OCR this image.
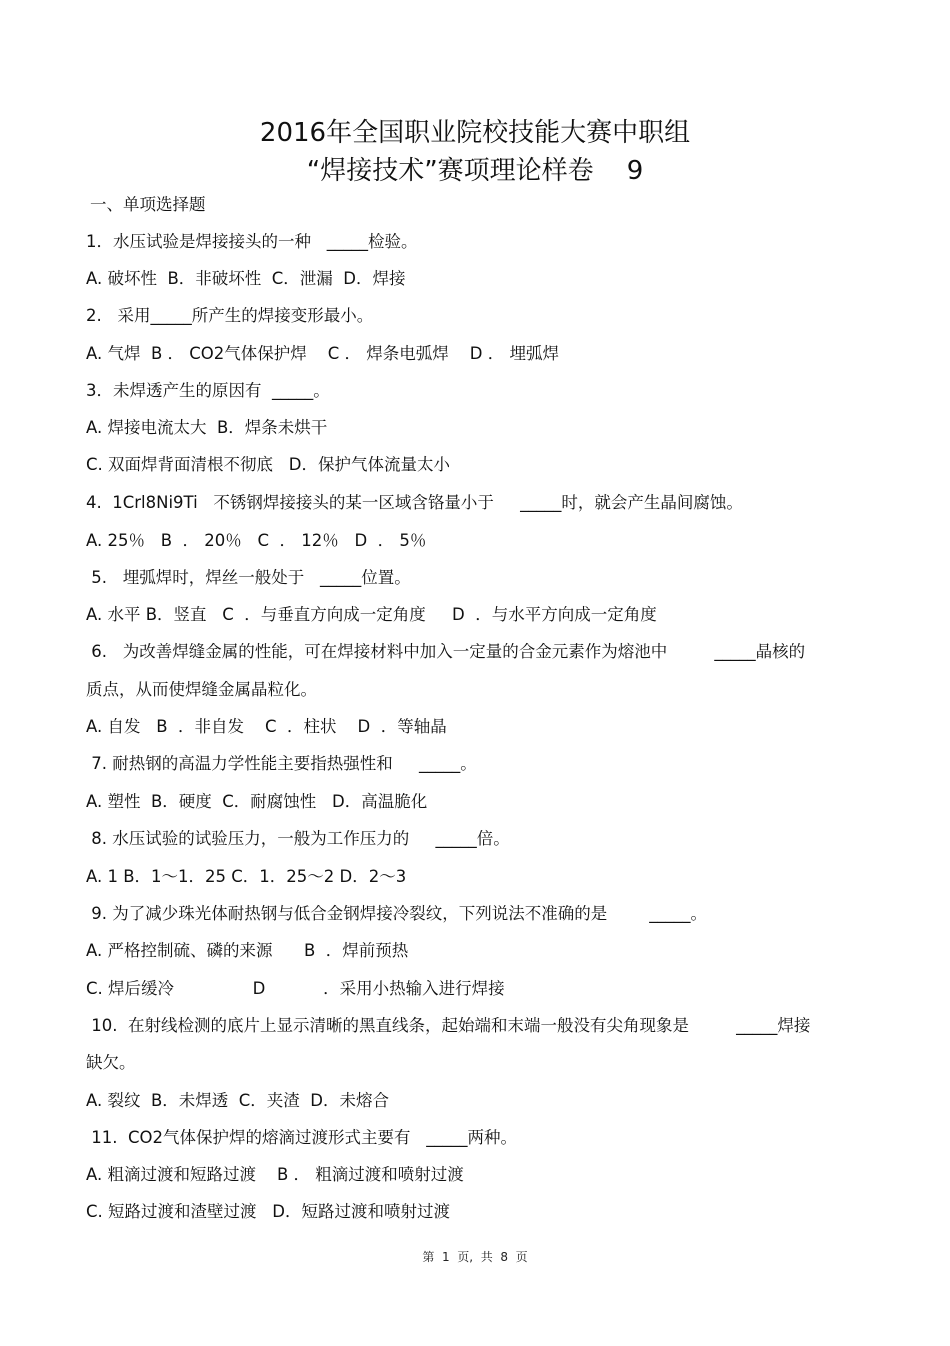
2016年全国职业院校技能大赛中职组
“焊接技术”赛项理论样卷    9
一、单项选择题
1．水压试验是焊接接头的一种   _____检验。
A. 破坏性  B．非破坏性  C．泄漏  D．焊接
2.   采用_____所产生的焊接变形最小。
A. 气焊  B ． CO2气体保护焊    C ． 焊条电弧焊    D ． 埋弧焊
3．未焊透产生的原因有  _____。
A. 焊接电流太大  B．焊条未烘干
C. 双面焊背面清根不彻底   D．保护气体流量太小
4.  1Crl8Ni9Ti   不锈钢焊接接头的某一区域含铬量小于     _____时，就会产生晶间腐蚀。
A. 25％   B  ． 20％   C  ． 12％   D  ． 5％
5.   埋弧焊时，焊丝一般处于   _____位置。
A. 水平 B．竖直   C  ．与垂直方向成一定角度     D  ．与水平方向成一定角度
6.   为改善焊缝金属的性能，可在焊接材料中加入一定量的合金元素作为熔池中         _____晶核的
质点，从而使焊缝金属晶粒化。
A. 自发   B  ．非自发    C  ．柱状    D  ．等轴晶
7. 耐热钢的高温力学性能主要指热强性和     _____。
A. 塑性  B．硬度  C．耐腐蚀性   D．高温脆化
8. 水压试验的试验压力，一般为工作压力的     _____倍。
A. 1 B．1～1．25 C．1．25～2 D．2～3
9. 为了减少珠光体耐热钢与低合金钢焊接冷裂纹，下列说法不准确的是        _____。
A. 严格控制硫、磷的来源      B  ．焊前预热
C. 焊后缓冷               D           ．采用小热输入进行焊接
10.  在射线检测的底片上显示清晰的黑直线条，起始端和末端一般没有尖角现象是         _____焊接
缺欠。
A. 裂纹  B．未焊透  C．夹渣  D．未熔合
11.  CO2气体保护焊的熔滴过渡形式主要有   _____两种。
A. 粗滴过渡和短路过渡    B ． 粗滴过渡和喷射过渡
C. 短路过渡和渣壁过渡   D．短路过渡和喷射过渡
第  1  页,  共  8  页
